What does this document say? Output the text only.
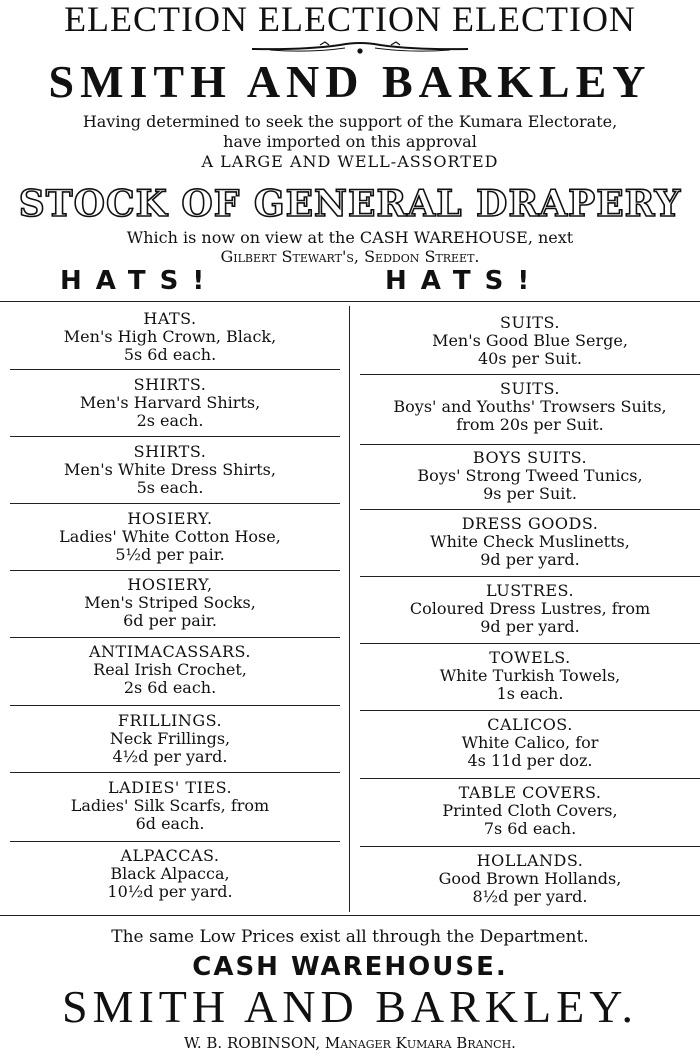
ELECTION ELECTION ELECTION
SMITH AND BARKLEY
Having determined to seek the support of the Kumara Electorate,
have imported on this approval
A LARGE AND WELL-ASSORTED
STOCK OF GENERAL DRAPERY
Which is now on view at the CASH WAREHOUSE, next
Gilbert Stewart's, Seddon Street.
HATS!	HATS!
HATS.
Men's High Crown, Black,
5s 6d each.
SHIRTS.
Men's Harvard Shirts,
2s each.
SHIRTS.
Men's White Dress Shirts,
5s each.
HOSIERY.
Ladies' White Cotton Hose,
5½d per pair.
HOSIERY,
Men's Striped Socks,
6d per pair.
ANTIMACASSARS.
Real Irish Crochet,
2s 6d each.
FRILLINGS.
Neck Frillings,
4½d per yard.
LADIES' TIES.
Ladies' Silk Scarfs, from
6d each.
ALPACCAS.
Black Alpacca,
10½d per yard.
SUITS.
Men's Good Blue Serge,
40s per Suit.
SUITS.
Boys' and Youths' Trowsers Suits,
from 20s per Suit.
BOYS SUITS.
Boys' Strong Tweed Tunics,
9s per Suit.
DRESS GOODS.
White Check Muslinetts,
9d per yard.
LUSTRES.
Coloured Dress Lustres, from
9d per yard.
TOWELS.
White Turkish Towels,
1s each.
CALICOS.
White Calico, for
4s 11d per doz.
TABLE COVERS.
Printed Cloth Covers,
7s 6d each.
HOLLANDS.
Good Brown Hollands,
8½d per yard.
The same Low Prices exist all through the Department.
CASH WAREHOUSE.
SMITH AND BARKLEY.
W. B. ROBINSON, Manager Kumara Branch.
